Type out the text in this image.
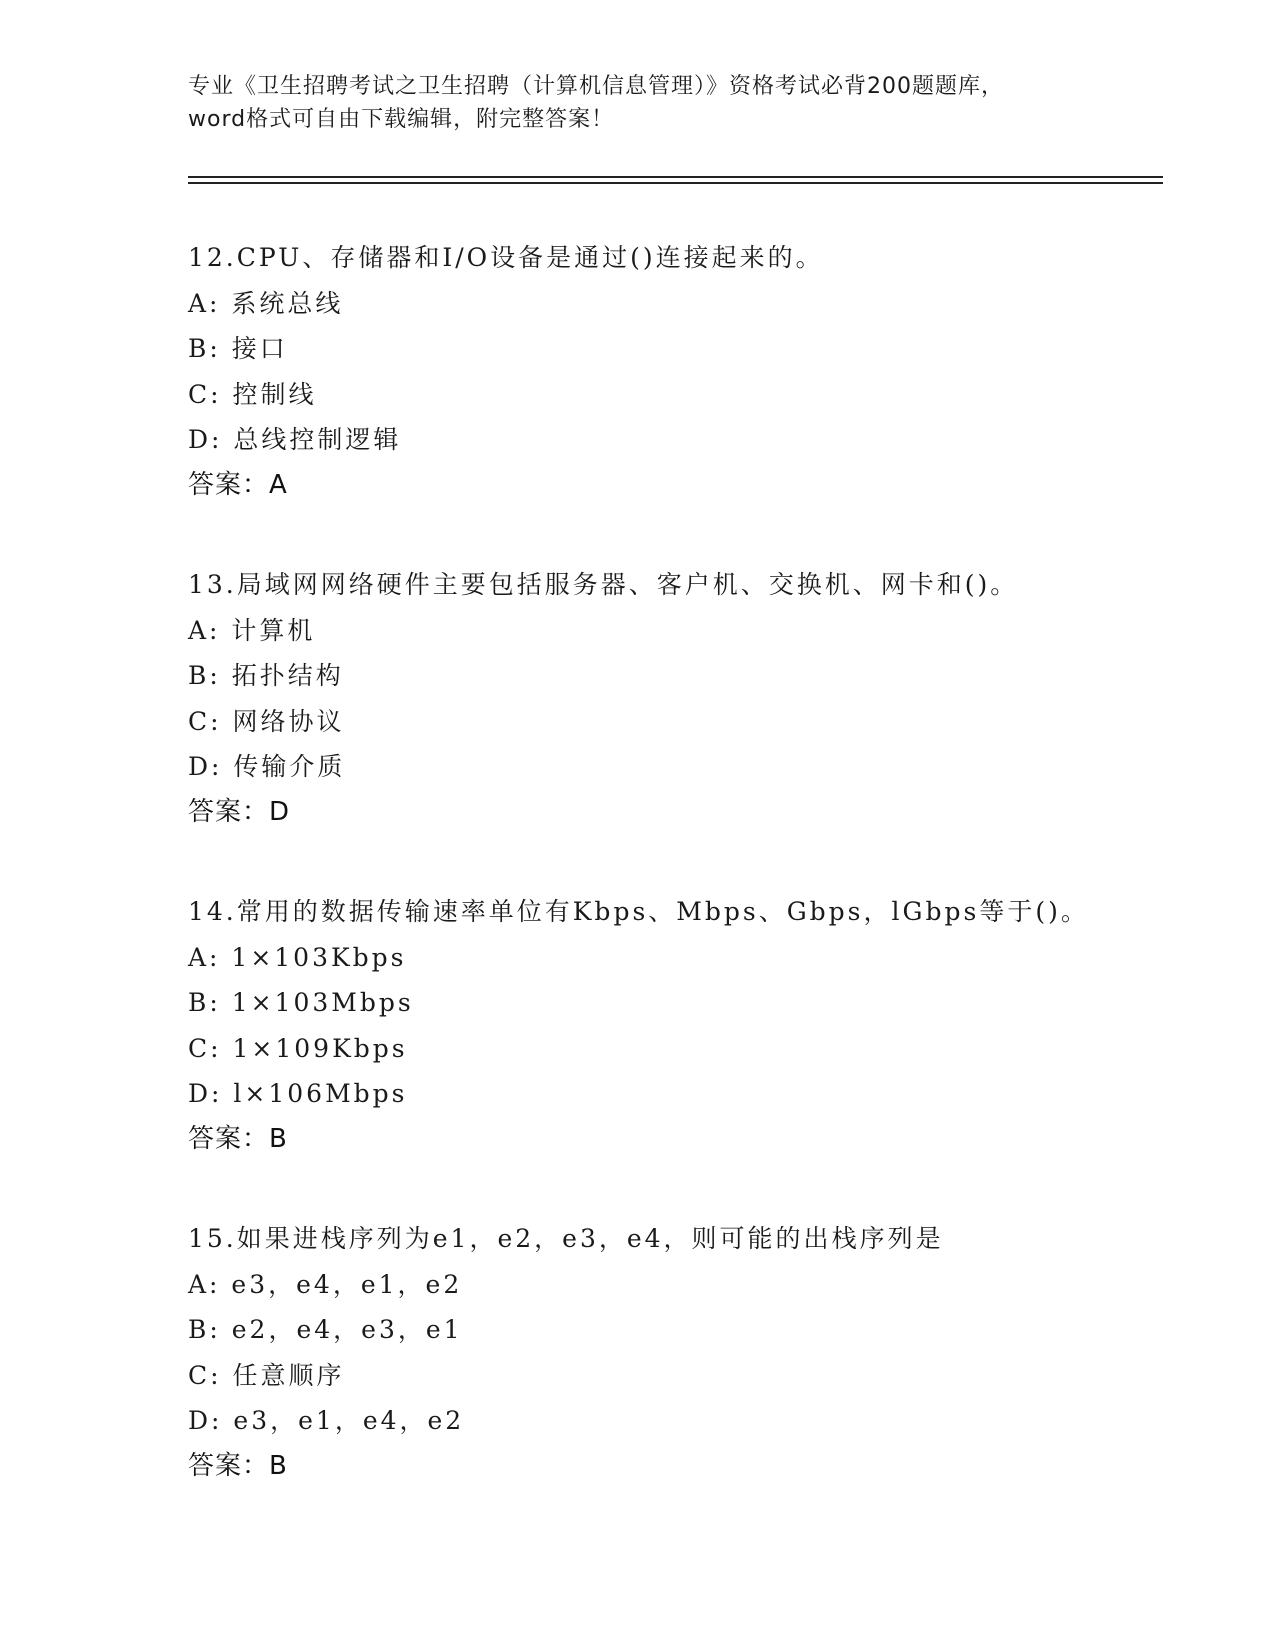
专业《卫生招聘考试之卫生招聘（计算机信息管理）》资格考试必背200题题库，
word格式可自由下载编辑，附完整答案！
12.CPU、存储器和I/O设备是通过()连接起来的。
A: 系统总线
B: 接口
C: 控制线
D: 总线控制逻辑
答案：A
13.局域网网络硬件主要包括服务器、客户机、交换机、网卡和()。
A: 计算机
B: 拓扑结构
C: 网络协议
D: 传输介质
答案：D
14.常用的数据传输速率单位有Kbps、Mbps、Gbps，lGbps等于()。
A: 1×103Kbps
B: 1×103Mbps
C: 1×109Kbps
D: l×106Mbps
答案：B
15.如果进栈序列为e1，e2，e3，e4，则可能的出栈序列是
A: e3，e4，e1，e2
B: e2，e4，e3，e1
C: 任意顺序
D: e3，e1，e4，e2
答案：B
